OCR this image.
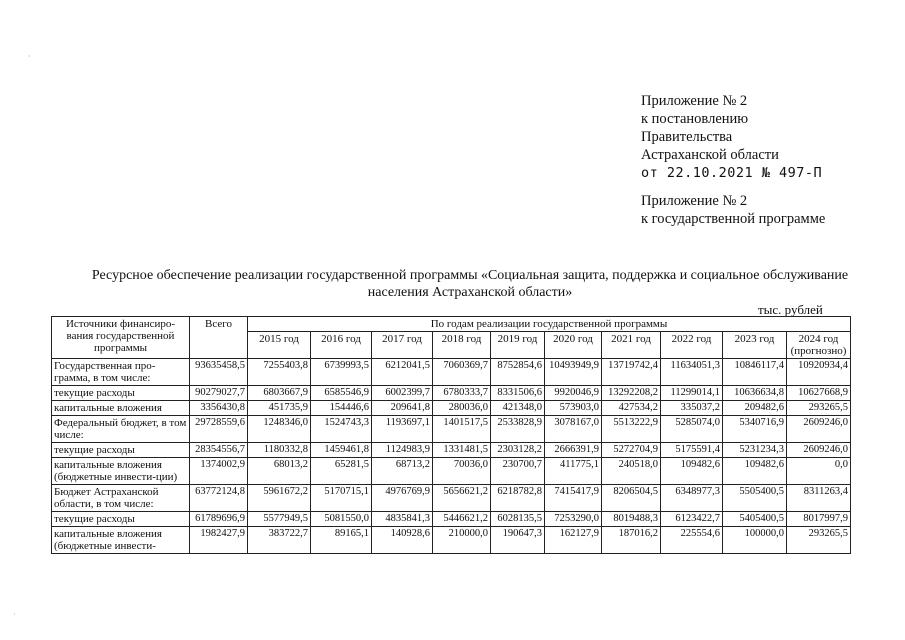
Приложение № 2
к постановлению
Правительства
Астраханской области
от 22.10.2021 № 497-П
Приложение № 2
к государственной программе
Ресурсное обеспечение реализации государственной программы «Социальная защита, поддержка и социальное обслуживание населения Астраханской области»
тыс. рублей
Источники финансиро-вания государственной программы	Всего	По годам реализации государственной программы									
		2015 год	2016 год	2017 год	2018 год	2019 год	2020 год	2021 год	2022 год	2023 год	2024 год (прогнозно)
Государственная про-грамма, в том числе:	93635458,5	7255403,8	6739993,5	6212041,5	7060369,7	8752854,6	10493949,9	13719742,4	11634051,3	10846117,4	10920934,4
текущие расходы	90279027,7	6803667,9	6585546,9	6002399,7	6780333,7	8331506,6	9920046,9	13292208,2	11299014,1	10636634,8	10627668,9
капитальные вложения	3356430,8	451735,9	154446,6	209641,8	280036,0	421348,0	573903,0	427534,2	335037,2	209482,6	293265,5
Федеральный бюджет, в том числе:	29728559,6	1248346,0	1524743,3	1193697,1	1401517,5	2533828,9	3078167,0	5513222,9	5285074,0	5340716,9	2609246,0
текущие расходы	28354556,7	1180332,8	1459461,8	1124983,9	1331481,5	2303128,2	2666391,9	5272704,9	5175591,4	5231234,3	2609246,0
капитальные вложения (бюджетные инвести-ции)	1374002,9	68013,2	65281,5	68713,2	70036,0	230700,7	411775,1	240518,0	109482,6	109482,6	0,0
Бюджет Астраханской области, в том числе:	63772124,8	5961672,2	5170715,1	4976769,9	5656621,2	6218782,8	7415417,9	8206504,5	6348977,3	5505400,5	8311263,4
текущие расходы	61789696,9	5577949,5	5081550,0	4835841,3	5446621,2	6028135,5	7253290,0	8019488,3	6123422,7	5405400,5	8017997,9
капитальные вложения (бюджетные инвести-	1982427,9	383722,7	89165,1	140928,6	210000,0	190647,3	162127,9	187016,2	225554,6	100000,0	293265,5
·
·
